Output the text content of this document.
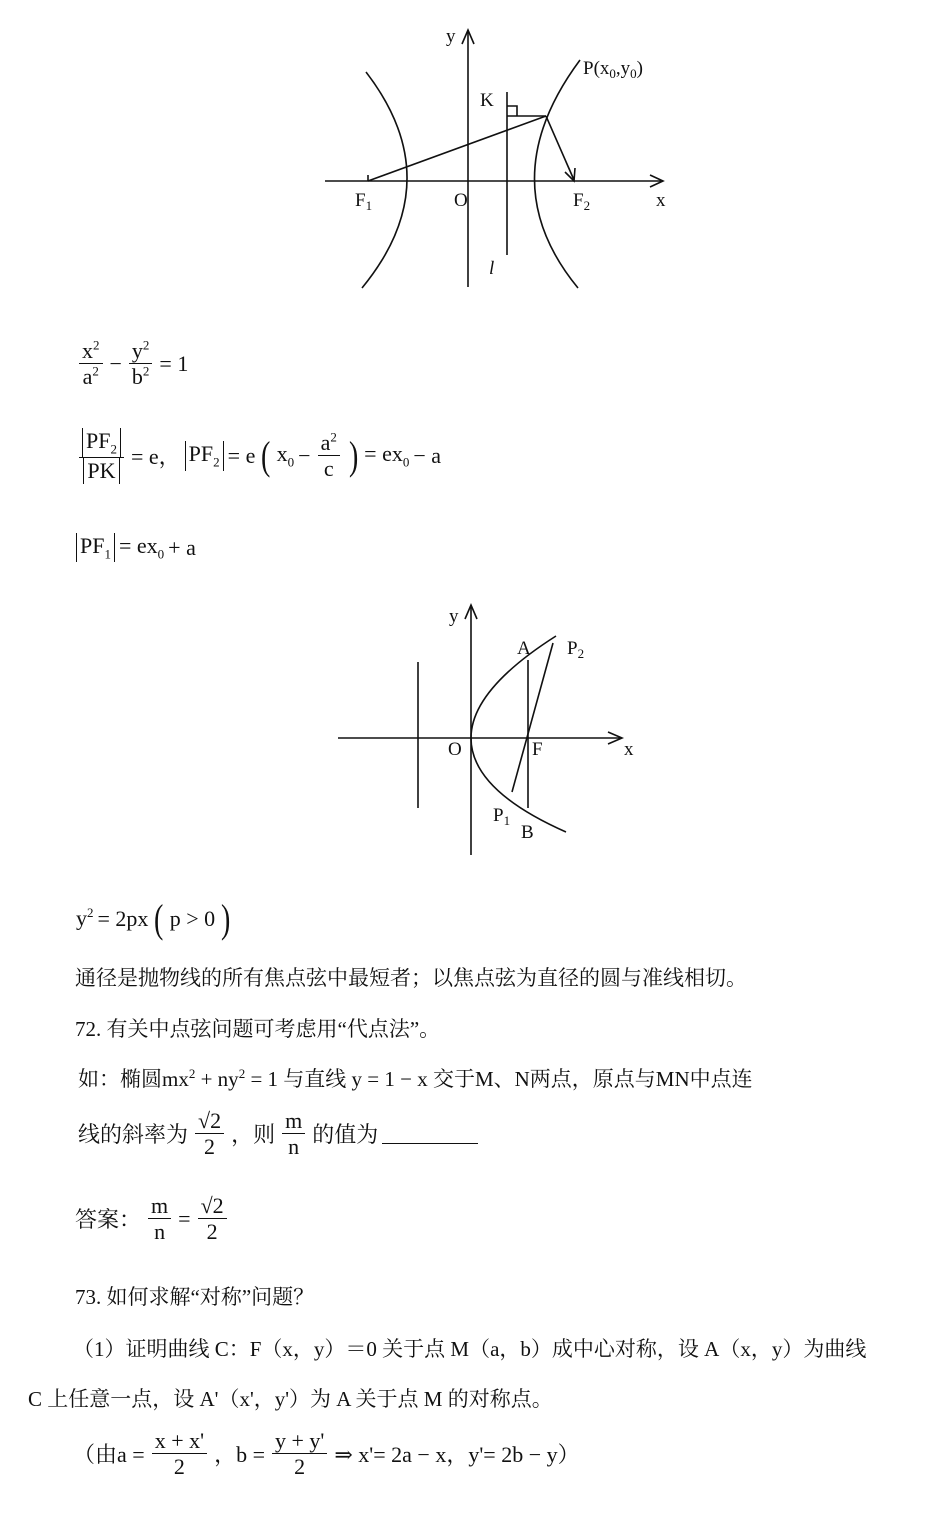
y
K
$P(x_0,y_0)$
$F_1$	O	$F_2$	x
l
$\frac{x^2}{a^2} - \frac{y^2}{b^2} = 1$
$\frac{PF_2}{PK} = e$， $PF_2 = e$ ( $x_0 - \frac{a^2}{c}$ ) = $ex_0 - a$
$PF_1 = ex_0 + a$
y
A $P_2$
O	F	x
$P_1$
B
$y^2 = 2px$ ( p > 0 )
通径是抛物线的所有焦点弦中最短者；以焦点弦为直径的圆与准线相切。
72. 有关中点弦问题可考虑用“代点法”。
如：椭圆$mx^2 + ny^2 = 1$ 与直线 y = 1 − x 交于M、N两点，原点与MN中点连
线的斜率为 $\frac{√2}{2}$ ，则 $\frac{m}{n}$ 的值为
答案： $\frac{m}{n} = \frac{√2}{2}$
73. 如何求解“对称”问题？
（1）证明曲线 C：F（x，y）＝0 关于点 M（a，b）成中心对称，设 A（x，y）为曲线
C 上任意一点，设 A'（x'，y'）为 A 关于点 M 的对称点。
（由$a = \frac{x + x'}{2}$ ，$b = \frac{y + y'}{2}$ ⇒ x'= 2a − x，y'= 2b − y）
